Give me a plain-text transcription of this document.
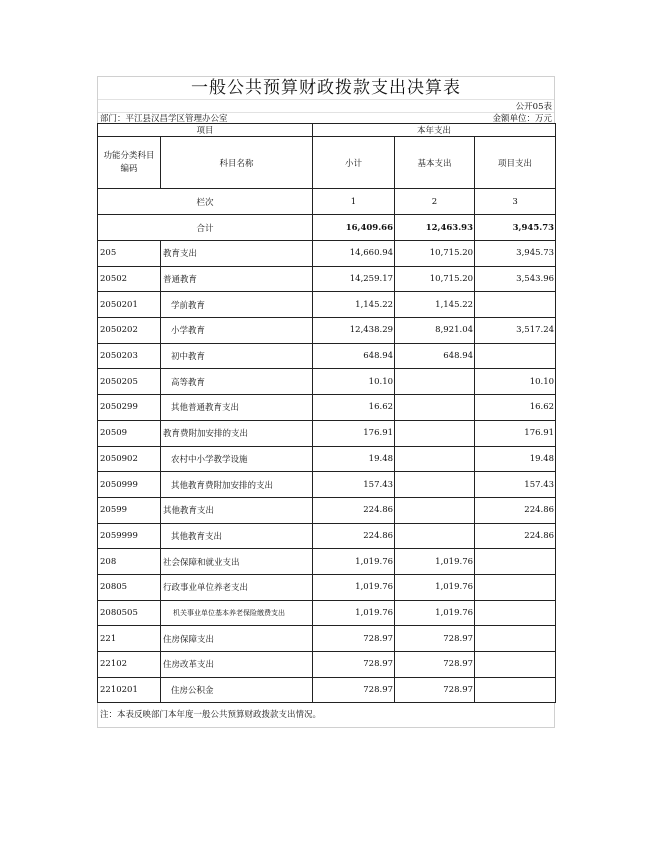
一般公共预算财政拨款支出决算表
公开05表
部门：平江县汉昌学区管理办公室	金额单位：万元
项目		本年支出		
功能分类科目
编码	科目名称	小计	基本支出	项目支出
栏次		1	2	3
合计		16,409.66	12,463.93	3,945.73
205	教育支出	14,660.94	10,715.20	3,945.73
20502	普通教育	14,259.17	10,715.20	3,543.96
2050201	学前教育	1,145.22	1,145.22	
2050202	小学教育	12,438.29	8,921.04	3,517.24
2050203	初中教育	648.94	648.94	
2050205	高等教育	10.10		10.10
2050299	其他普通教育支出	16.62		16.62
20509	教育费附加安排的支出	176.91		176.91
2050902	农村中小学教学设施	19.48		19.48
2050999	其他教育费附加安排的支出	157.43		157.43
20599	其他教育支出	224.86		224.86
2059999	其他教育支出	224.86		224.86
208	社会保障和就业支出	1,019.76	1,019.76	
20805	行政事业单位养老支出	1,019.76	1,019.76	
2080505	机关事业单位基本养老保险缴费支出	1,019.76	1,019.76	
221	住房保障支出	728.97	728.97	
22102	住房改革支出	728.97	728.97	
2210201	住房公积金	728.97	728.97	
注：本表反映部门本年度一般公共预算财政拨款支出情况。
